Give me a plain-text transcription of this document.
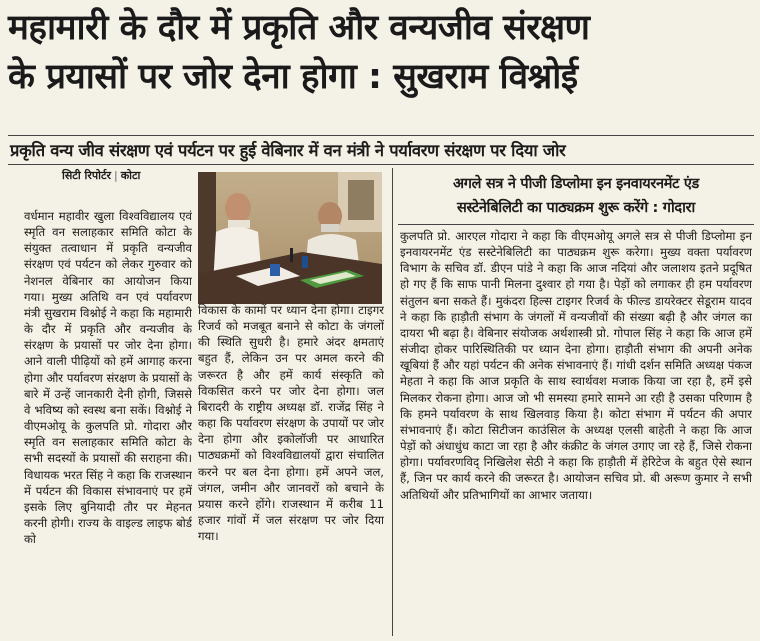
महामारी के दौर में प्रकृति और वन्यजीव संरक्षण
के प्रयासों पर जोर देना होगा : सुखराम विश्नोई
प्रकृति वन्य जीव संरक्षण एवं पर्यटन पर हुई वेबिनार में वन मंत्री ने पर्यावरण संरक्षण पर दिया जोर
सिटी रिपोर्टर | कोटा

वर्धमान महावीर खुला विश्वविद्यालय एवं स्मृति वन सलाहकार समिति कोटा के संयुक्त तत्वाधान में प्रकृति वन्यजीव संरक्षण एवं पर्यटन को लेकर गुरुवार को नेशनल वेबिनार का आयोजन किया गया। मुख्य अतिथि वन एवं पर्यावरण मंत्री सुखराम विश्नोई ने कहा कि महामारी के दौर में प्रकृति और वन्यजीव के संरक्षण के प्रयासों पर जोर देना होगा। आने वाली पीढ़ियों को हमें आगाह करना होगा और पर्यावरण संरक्षण के प्रयासों के बारे में उन्हें जानकारी देनी होगी, जिससे वे भविष्य को स्वस्थ बना सकें। विश्नोई ने वीएमओयू के कुलपति प्रो. गोदारा और स्मृति वन सलाहकार समिति कोटा के सभी सदस्यों के प्रयासों की सराहना की। विधायक भरत सिंह ने कहा कि राजस्थान में पर्यटन की विकास संभावनाएं पर हमें इसके लिए बुनियादी तौर पर मेहनत करनी होगी। राज्य के वाइल्ड लाइफ बोर्ड को

विकास के कामों पर ध्यान देना होगा। टाइगर रिजर्व को मजबूत बनाने से कोटा के जंगलों की स्थिति सुधरी है। हमारे अंदर क्षमताएं बहुत हैं, लेकिन उन पर अमल करने की जरूरत है और हमें कार्य संस्कृति को विकसित करने पर जोर देना होगा। जल बिरादरी के राष्ट्रीय अध्यक्ष डॉ. राजेंद्र सिंह ने कहा कि पर्यावरण संरक्षण के उपायों पर जोर देना होगा और इकोलॉजी पर आधारित पाठ्यक्रमों को विश्वविद्यालयों द्वारा संचालित करने पर बल देना होगा। हमें अपने जल, जंगल, जमीन और जानवरों को बचाने के प्रयास करने होंगे। राजस्थान में करीब 11 हजार गांवों में जल संरक्षण पर जोर दिया गया।

अगले सत्र ने पीजी डिप्लोमा इन इनवायरनमेंट एंड
सस्टेनेबिलिटी का पाठ्यक्रम शुरू करेंगे : गोदारा

कुलपति प्रो. आरएल गोदारा ने कहा कि वीएमओयू अगले सत्र से पीजी डिप्लोमा इन इनवायरनमेंट एंड सस्टेनेबिलिटी का पाठ्यक्रम शुरू करेगा। मुख्य वक्ता पर्यावरण विभाग के सचिव डॉ. डीएन पांडे ने कहा कि आज नदियां और जलाशय इतने प्रदूषित हो गए हैं कि साफ पानी मिलना दुश्वार हो गया है। पेड़ों को लगाकर ही हम पर्यावरण संतुलन बना सकते हैं। मुकंदरा हिल्स टाइगर रिजर्व के फील्ड डायरेक्टर सेडूराम यादव ने कहा कि हाड़ौती संभाग के जंगलों में वन्यजीवों की संख्या बढ़ी है और जंगल का दायरा भी बढ़ा है। वेबिनार संयोजक अर्थशास्त्री प्रो. गोपाल सिंह ने कहा कि आज हमें संजीदा होकर पारिस्थितिकी पर ध्यान देना होगा। हाड़ौती संभाग की अपनी अनेक खूबियां हैं और यहां पर्यटन की अनेक संभावनाएं हैं। गांधी दर्शन समिति अध्यक्ष पंकज मेहता ने कहा कि आज प्रकृति के साथ स्वार्थवश मजाक किया जा रहा है, हमें इसे मिलकर रोकना होगा। आज जो भी समस्या हमारे सामने आ रही है उसका परिणाम है कि हमने पर्यावरण के साथ खिलवाड़ किया है। कोटा संभाग में पर्यटन की अपार संभावनाएं हैं। कोटा सिटीजन काउंसिल के अध्यक्ष एलसी बाहेती ने कहा कि आज पेड़ों को अंधाधुंध काटा जा रहा है और कंक्रीट के जंगल उगाए जा रहे हैं, जिसे रोकना होगा। पर्यावरणविद् निखिलेश सेठी ने कहा कि हाड़ौती में हेरिटेज के बहुत ऐसे स्थान हैं, जिन पर कार्य करने की जरूरत है। आयोजन सचिव प्रो. बी अरूण कुमार ने सभी अतिथियों और प्रतिभागियों का आभार जताया।
